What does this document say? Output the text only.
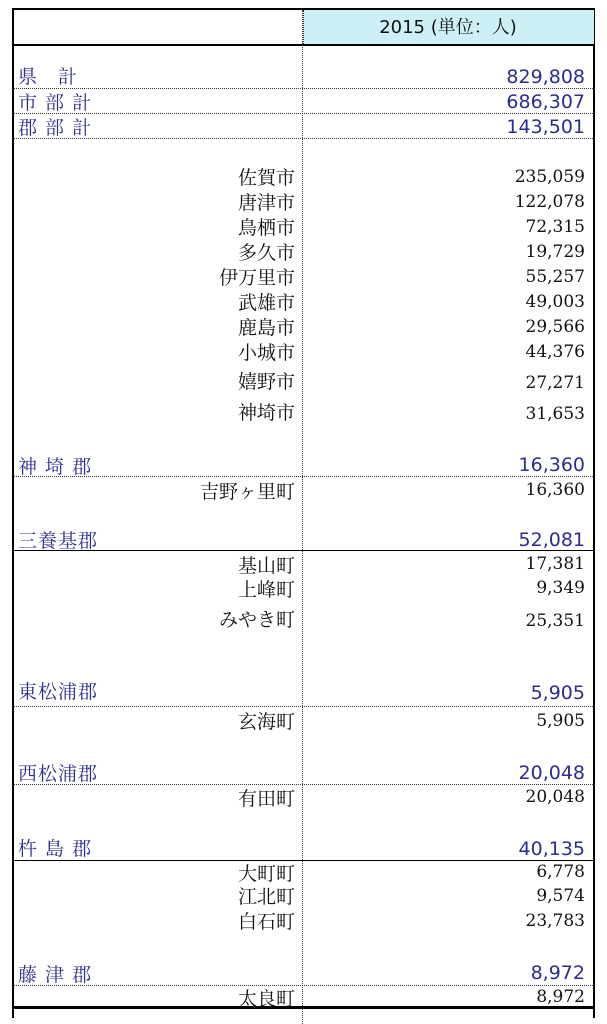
2015 (単位：人)
県　計	829,808
市 部 計	686,307
郡 部 計	143,501
佐賀市	235,059
唐津市	122,078
鳥栖市	72,315
多久市	19,729
伊万里市	55,257
武雄市	49,003
鹿島市	29,566
小城市	44,376
嬉野市	27,271
神埼市	31,653
神 埼 郡	16,360
吉野ヶ里町	16,360
三養基郡	52,081
基山町	17,381
上峰町	9,349
みやき町	25,351
東松浦郡	5,905
玄海町	5,905
西松浦郡	20,048
有田町	20,048
杵 島 郡	40,135
大町町	6,778
江北町	9,574
白石町	23,783
藤 津 郡	8,972
太良町	8,972
